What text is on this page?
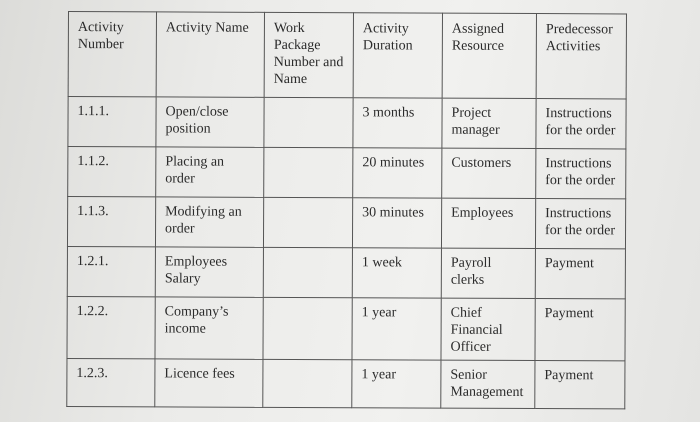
Activity Number	Activity Name	Work Package Number and Name	Activity Duration	Assigned Resource	Predecessor Activities
1.1.1.	Open/close position		3 months	Project manager	Instructions for the order
1.1.2.	Placing an order		20 minutes	Customers	Instructions for the order
1.1.3.	Modifying an order		30 minutes	Employees	Instructions for the order
1.2.1.	Employees Salary		1 week	Payroll clerks	Payment
1.2.2.	Company’s income		1 year	Chief Financial Officer	Payment
1.2.3.	Licence fees		1 year	Senior Management	Payment
